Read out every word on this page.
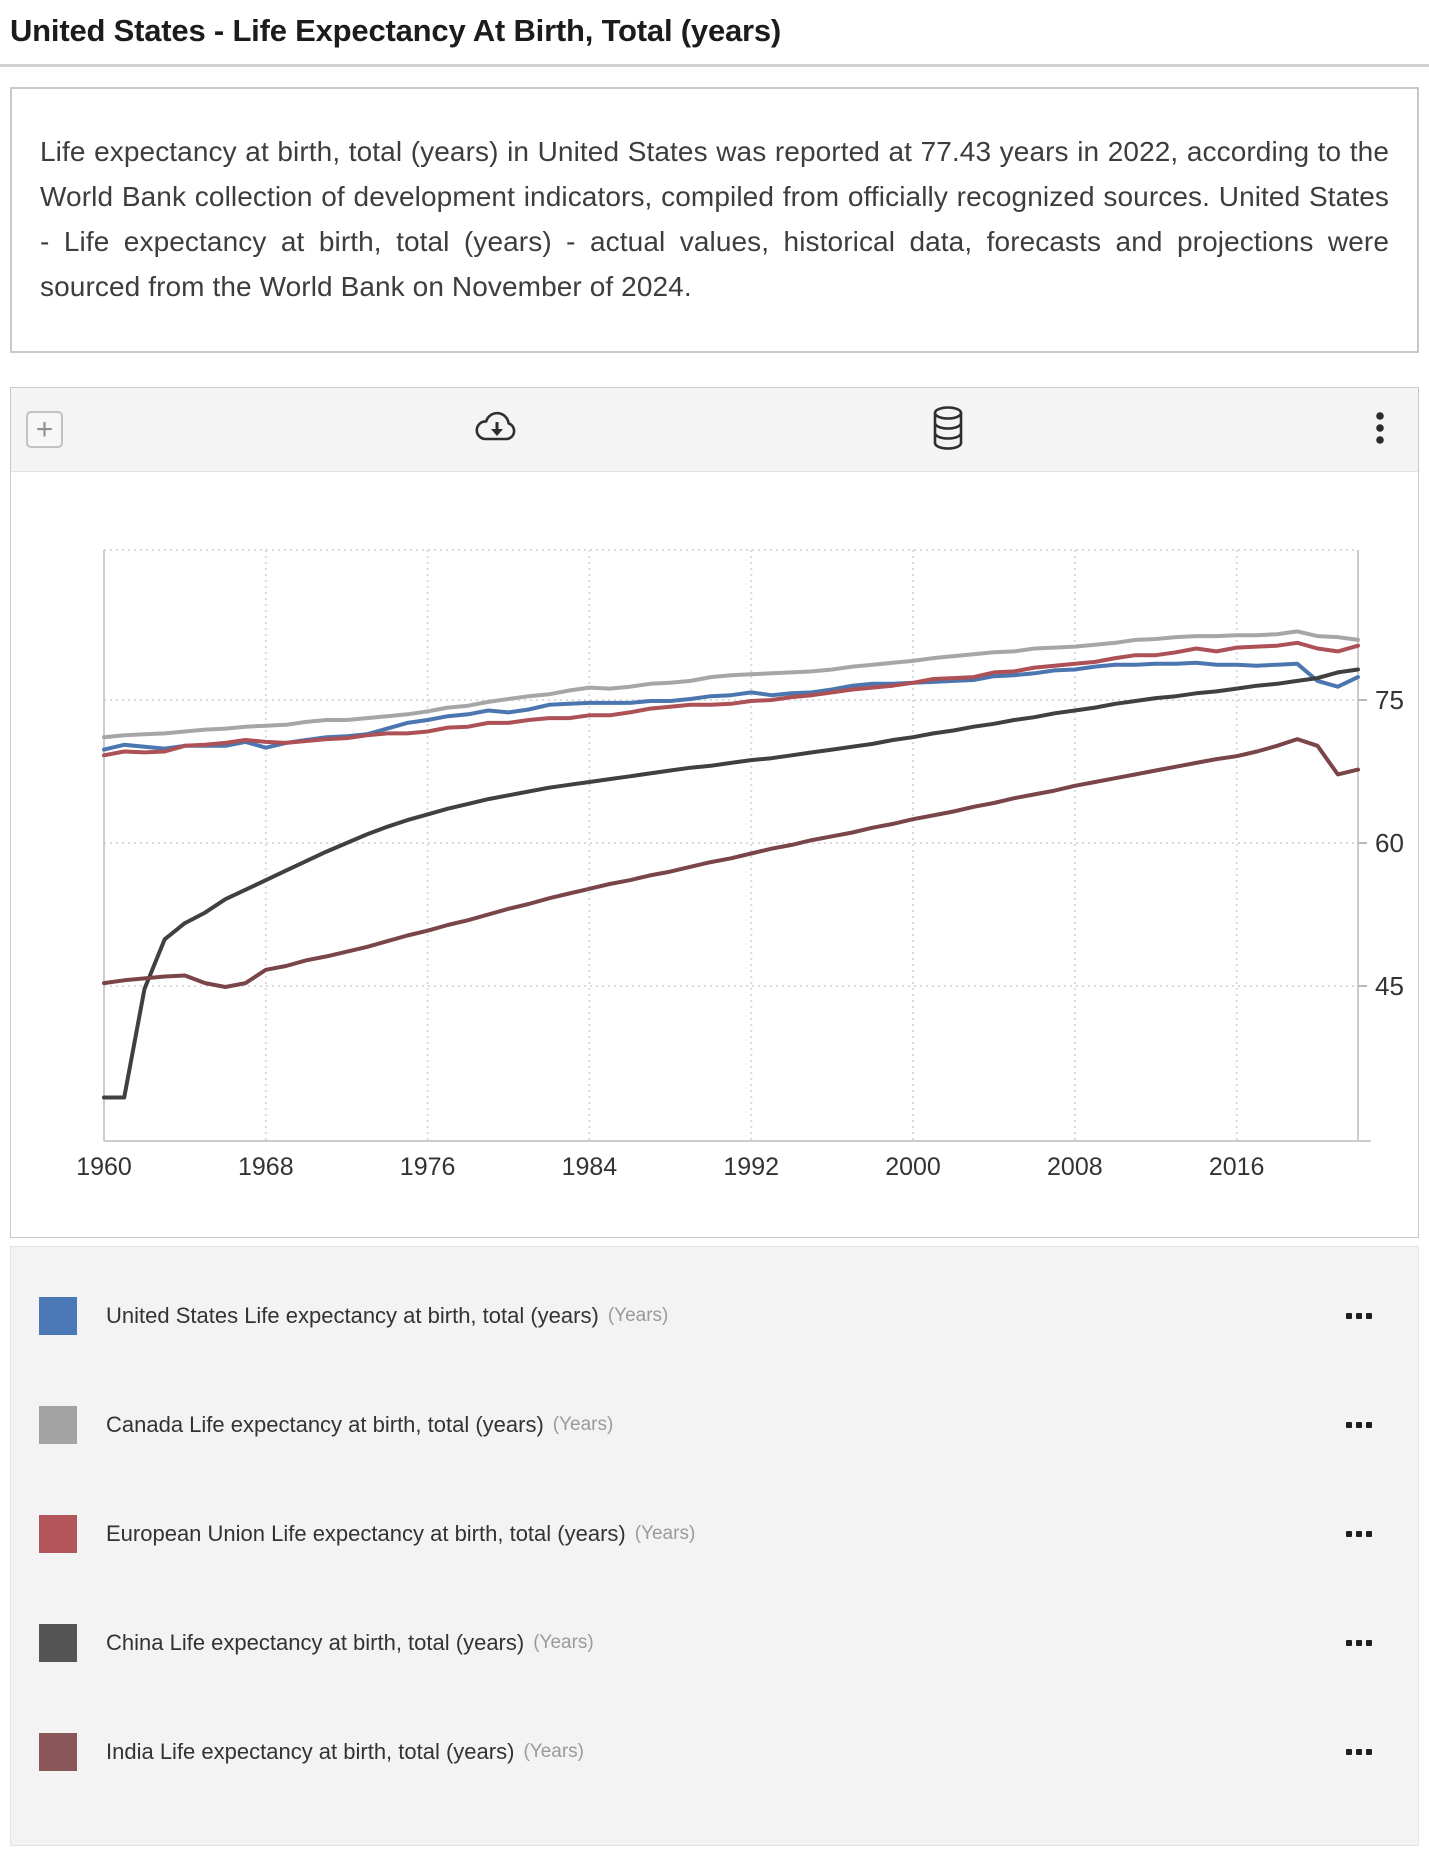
United States - Life Expectancy At Birth, Total (years)

Life expectancy at birth, total (years) in United States was reported at 77.43 years in 2022, according to the World Bank collection of development indicators, compiled from officially recognized sources. United States - Life expectancy at birth, total (years) - actual values, historical data, forecasts and projections were sourced from the World Bank on November of 2024.

+
45
60
75
1960	1968	1976	1984	1992	2000	2008	2016
United States Life expectancy at birth, total (years) (Years)
Canada Life expectancy at birth, total (years) (Years)
European Union Life expectancy at birth, total (years) (Years)
China Life expectancy at birth, total (years) (Years)
India Life expectancy at birth, total (years) (Years)
